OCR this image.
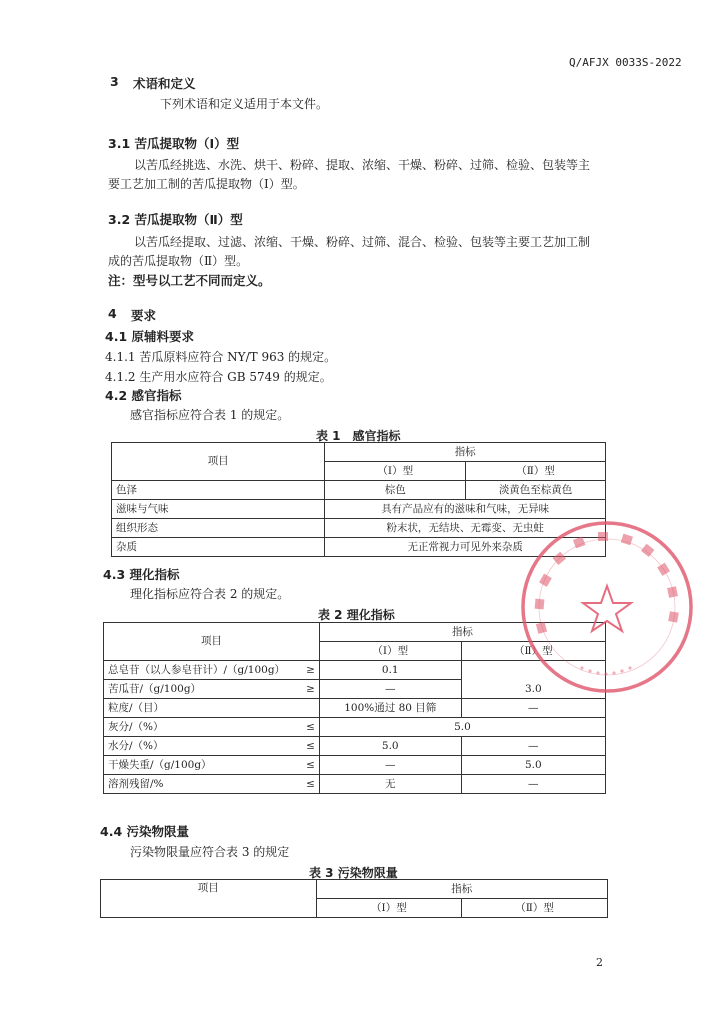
Q/AFJX 0033S-2022
3 术语和定义
下列术语和定义适用于本文件。
3.1 苦瓜提取物（Ⅰ）型
以苦瓜经挑选、水洗、烘干、粉碎、提取、浓缩、干燥、粉碎、过筛、检验、包装等主
要工艺加工制的苦瓜提取物（Ⅰ）型。
3.2 苦瓜提取物（Ⅱ）型
以苦瓜经提取、过滤、浓缩、干燥、粉碎、过筛、混合、检验、包装等主要工艺加工制
成的苦瓜提取物（Ⅱ）型。
注：型号以工艺不同而定义。
4 要求
4.1 原辅料要求
4.1.1 苦瓜原料应符合 NY/T 963 的规定。
4.1.2 生产用水应符合 GB 5749 的规定。
4.2 感官指标
感官指标应符合表 1 的规定。
表 1　感官指标
项目	指标	
	（Ⅰ）型	（Ⅱ）型
色泽	棕色	淡黄色至棕黄色
滋味与气味	具有产品应有的滋味和气味，无异味	
组织形态	粉末状，无结块、无霉变、无虫蛀	
杂质	无正常视力可见外来杂质	
4.3 理化指标
理化指标应符合表 2 的规定。
表 2 理化指标
项目		指标	
		（Ⅰ）型	（Ⅱ）型
总皂苷（以人参皂苷计）/（g/100g）	≥	0.1	3.0
苦瓜苷/（g/100g）	≥	—	
粒度/（目）		100%通过 80 目筛	—
灰分/（%）	≤	5.0	
水分/（%）	≤	5.0	—
干燥失重/（g/100g）	≤	—	5.0
溶剂残留/%	≤	无	—
4.4 污染物限量
污染物限量应符合表 3 的规定
表 3 污染物限量
项目	指标	
	（Ⅰ）型	（Ⅱ）型
2
